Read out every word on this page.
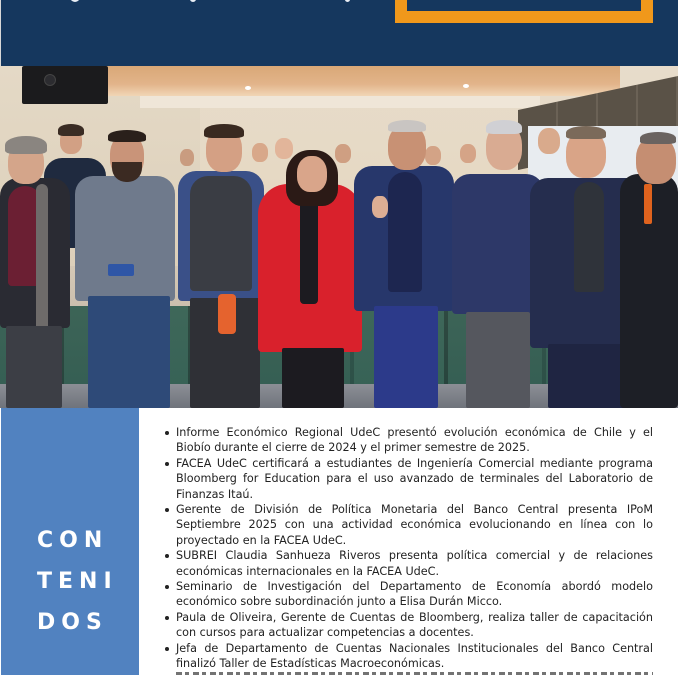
CON
TENI
DOS
Informe Económico Regional UdeC presentó evolución económica de Chile y el Biobío durante el cierre de 2024 y el primer semestre de 2025.
FACEA UdeC certificará a estudiantes de Ingeniería Comercial mediante programa Bloomberg for Education para el uso avanzado de terminales del Laboratorio de Finanzas Itaú.
Gerente de División de Política Monetaria del Banco Central presenta IPoM Septiembre 2025 con una actividad económica evolucionando en línea con lo proyectado en la FACEA UdeC.
SUBREI Claudia Sanhueza Riveros presenta política comercial y de relaciones económicas internacionales en la FACEA UdeC.
Seminario de Investigación del Departamento de Economía abordó modelo económico sobre subordinación junto a Elisa Durán Micco.
Paula de Oliveira, Gerente de Cuentas de Bloomberg, realiza taller de capacitación con cursos para actualizar competencias a docentes.
Jefa de Departamento de Cuentas Nacionales Institucionales del Banco Central finalizó Taller de Estadísticas Macroeconómicas.
